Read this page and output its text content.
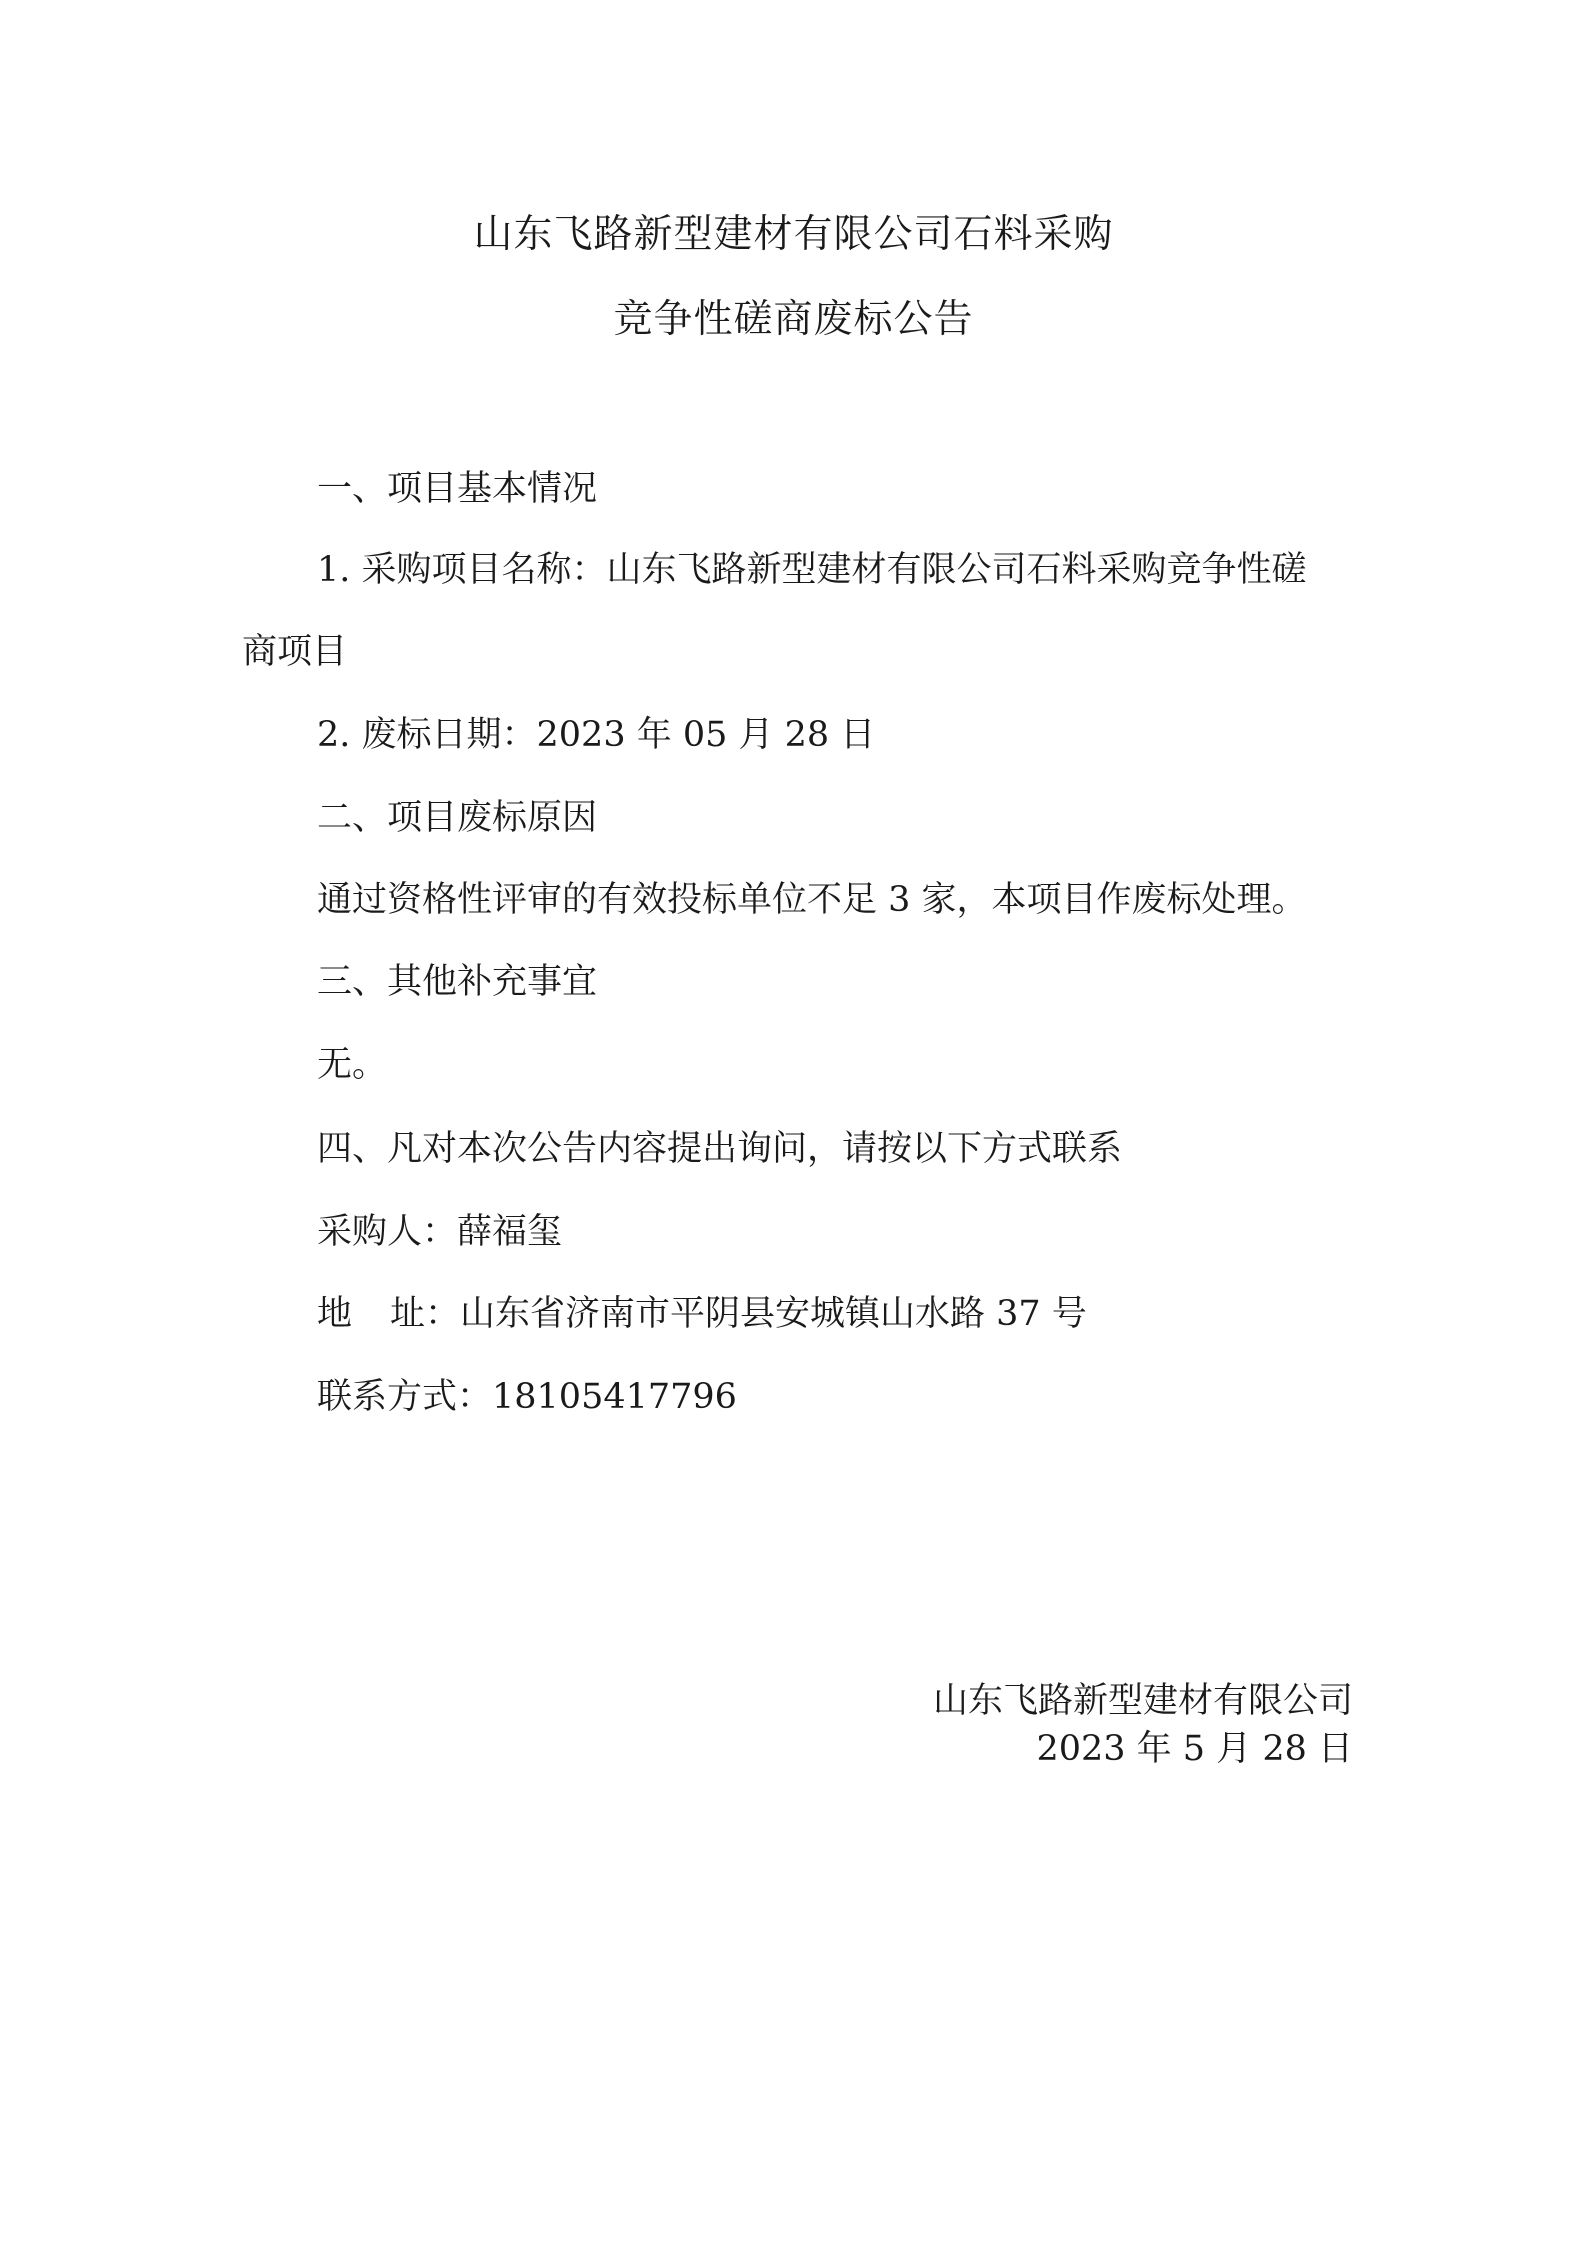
山东飞路新型建材有限公司石料采购
竞争性磋商废标公告
一、项目基本情况
1. 采购项目名称：山东飞路新型建材有限公司石料采购竞争性磋
商项目
2. 废标日期：2023 年 05 月 28 日
二、项目废标原因
通过资格性评审的有效投标单位不足 3 家，本项目作废标处理。
三、其他补充事宜
无。
四、凡对本次公告内容提出询问，请按以下方式联系
采购人：薛福玺
地 址：山东省济南市平阴县安城镇山水路 37 号
联系方式：18105417796
山东飞路新型建材有限公司
2023 年 5 月 28 日
